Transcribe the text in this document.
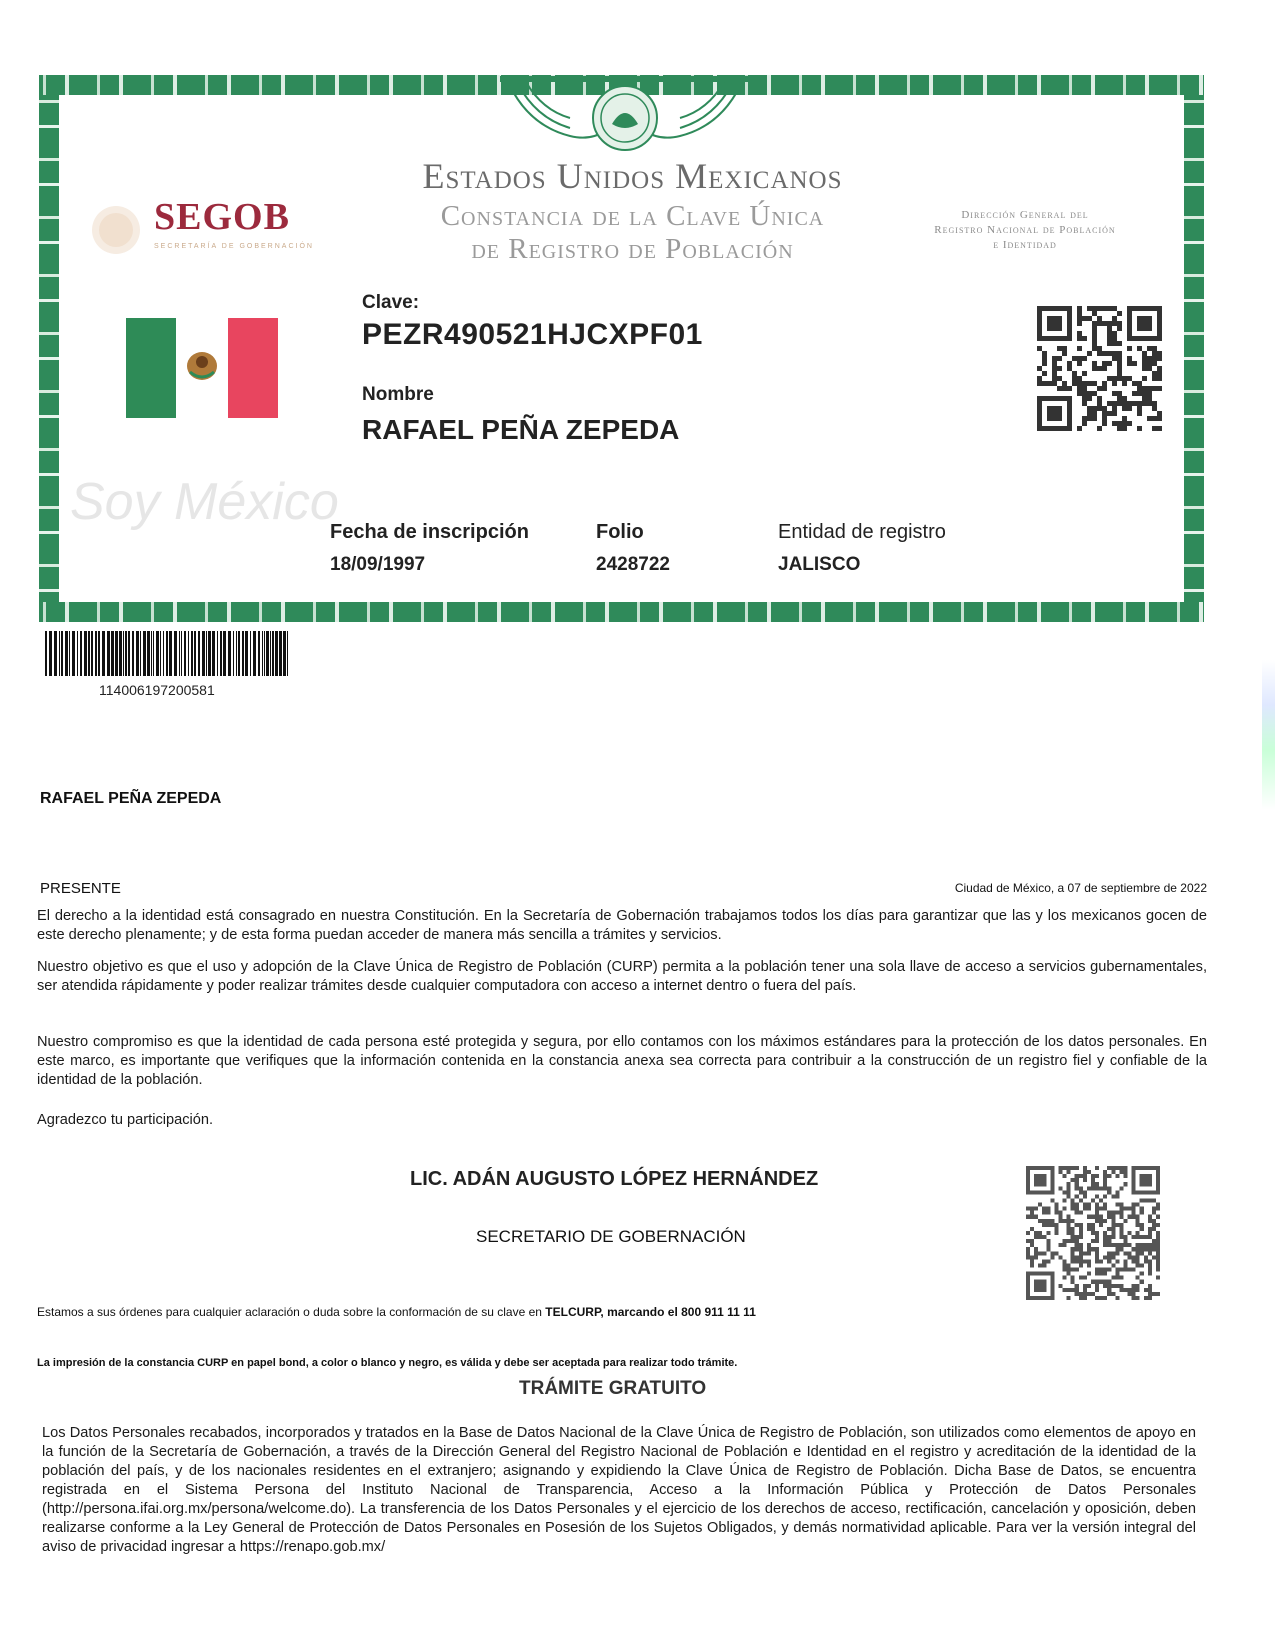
Estados Unidos Mexicanos
Constancia de la Clave Única
de Registro de Población
Dirección General del
Registro Nacional de Población
e Identidad
SEGOB
SECRETARÍA DE GOBERNACIÓN
Soy México
Clave:
PEZR490521HJCXPF01
Nombre
RAFAEL PEÑA ZEPEDA
Fecha de inscripción
18/09/1997
Folio
2428722
Entidad de registro
JALISCO
114006197200581
RAFAEL PEÑA ZEPEDA
PRESENTE	Ciudad de México, a 07 de septiembre de 2022

El derecho a la identidad está consagrado en nuestra Constitución. En la Secretaría de Gobernación trabajamos todos los días para garantizar que las y los mexicanos gocen de este derecho plenamente; y de esta forma puedan acceder de manera más sencilla a trámites y servicios.

Nuestro objetivo es que el uso y adopción de la Clave Única de Registro de Población (CURP) permita a la población tener una sola llave de acceso a servicios gubernamentales, ser atendida rápidamente y poder realizar trámites desde cualquier computadora con acceso a internet dentro o fuera del país.

Nuestro compromiso es que la identidad de cada persona esté protegida y segura, por ello contamos con los máximos estándares para la protección de los datos personales. En este marco, es importante que verifiques que la información contenida en la constancia anexa sea correcta para contribuir a la construcción de un registro fiel y confiable de la identidad de la población.

Agradezco tu participación.

LIC. ADÁN AUGUSTO LÓPEZ HERNÁNDEZ
SECRETARIO DE GOBERNACIÓN
Estamos a sus órdenes para cualquier aclaración o duda sobre la conformación de su clave en TELCURP, marcando el 800 911 11 11
La impresión de la constancia CURP en papel bond, a color o blanco y negro, es válida y debe ser aceptada para realizar todo trámite.
TRÁMITE GRATUITO

Los Datos Personales recabados, incorporados y tratados en la Base de Datos Nacional de la Clave Única de Registro de Población, son utilizados como elementos de apoyo en la función de la Secretaría de Gobernación, a través de la Dirección General del Registro Nacional de Población e Identidad en el registro y acreditación de la identidad de la población del país, y de los nacionales residentes en el extranjero; asignando y expidiendo la Clave Única de Registro de Población. Dicha Base de Datos, se encuentra registrada en el Sistema Persona del Instituto Nacional de Transparencia, Acceso a la Información Pública y Protección de Datos Personales (http://persona.ifai.org.mx/persona/welcome.do). La transferencia de los Datos Personales y el ejercicio de los derechos de acceso, rectificación, cancelación y oposición, deben realizarse conforme a la Ley General de Protección de Datos Personales en Posesión de los Sujetos Obligados, y demás normatividad aplicable. Para ver la versión integral del aviso de privacidad ingresar a https://renapo.gob.mx/
